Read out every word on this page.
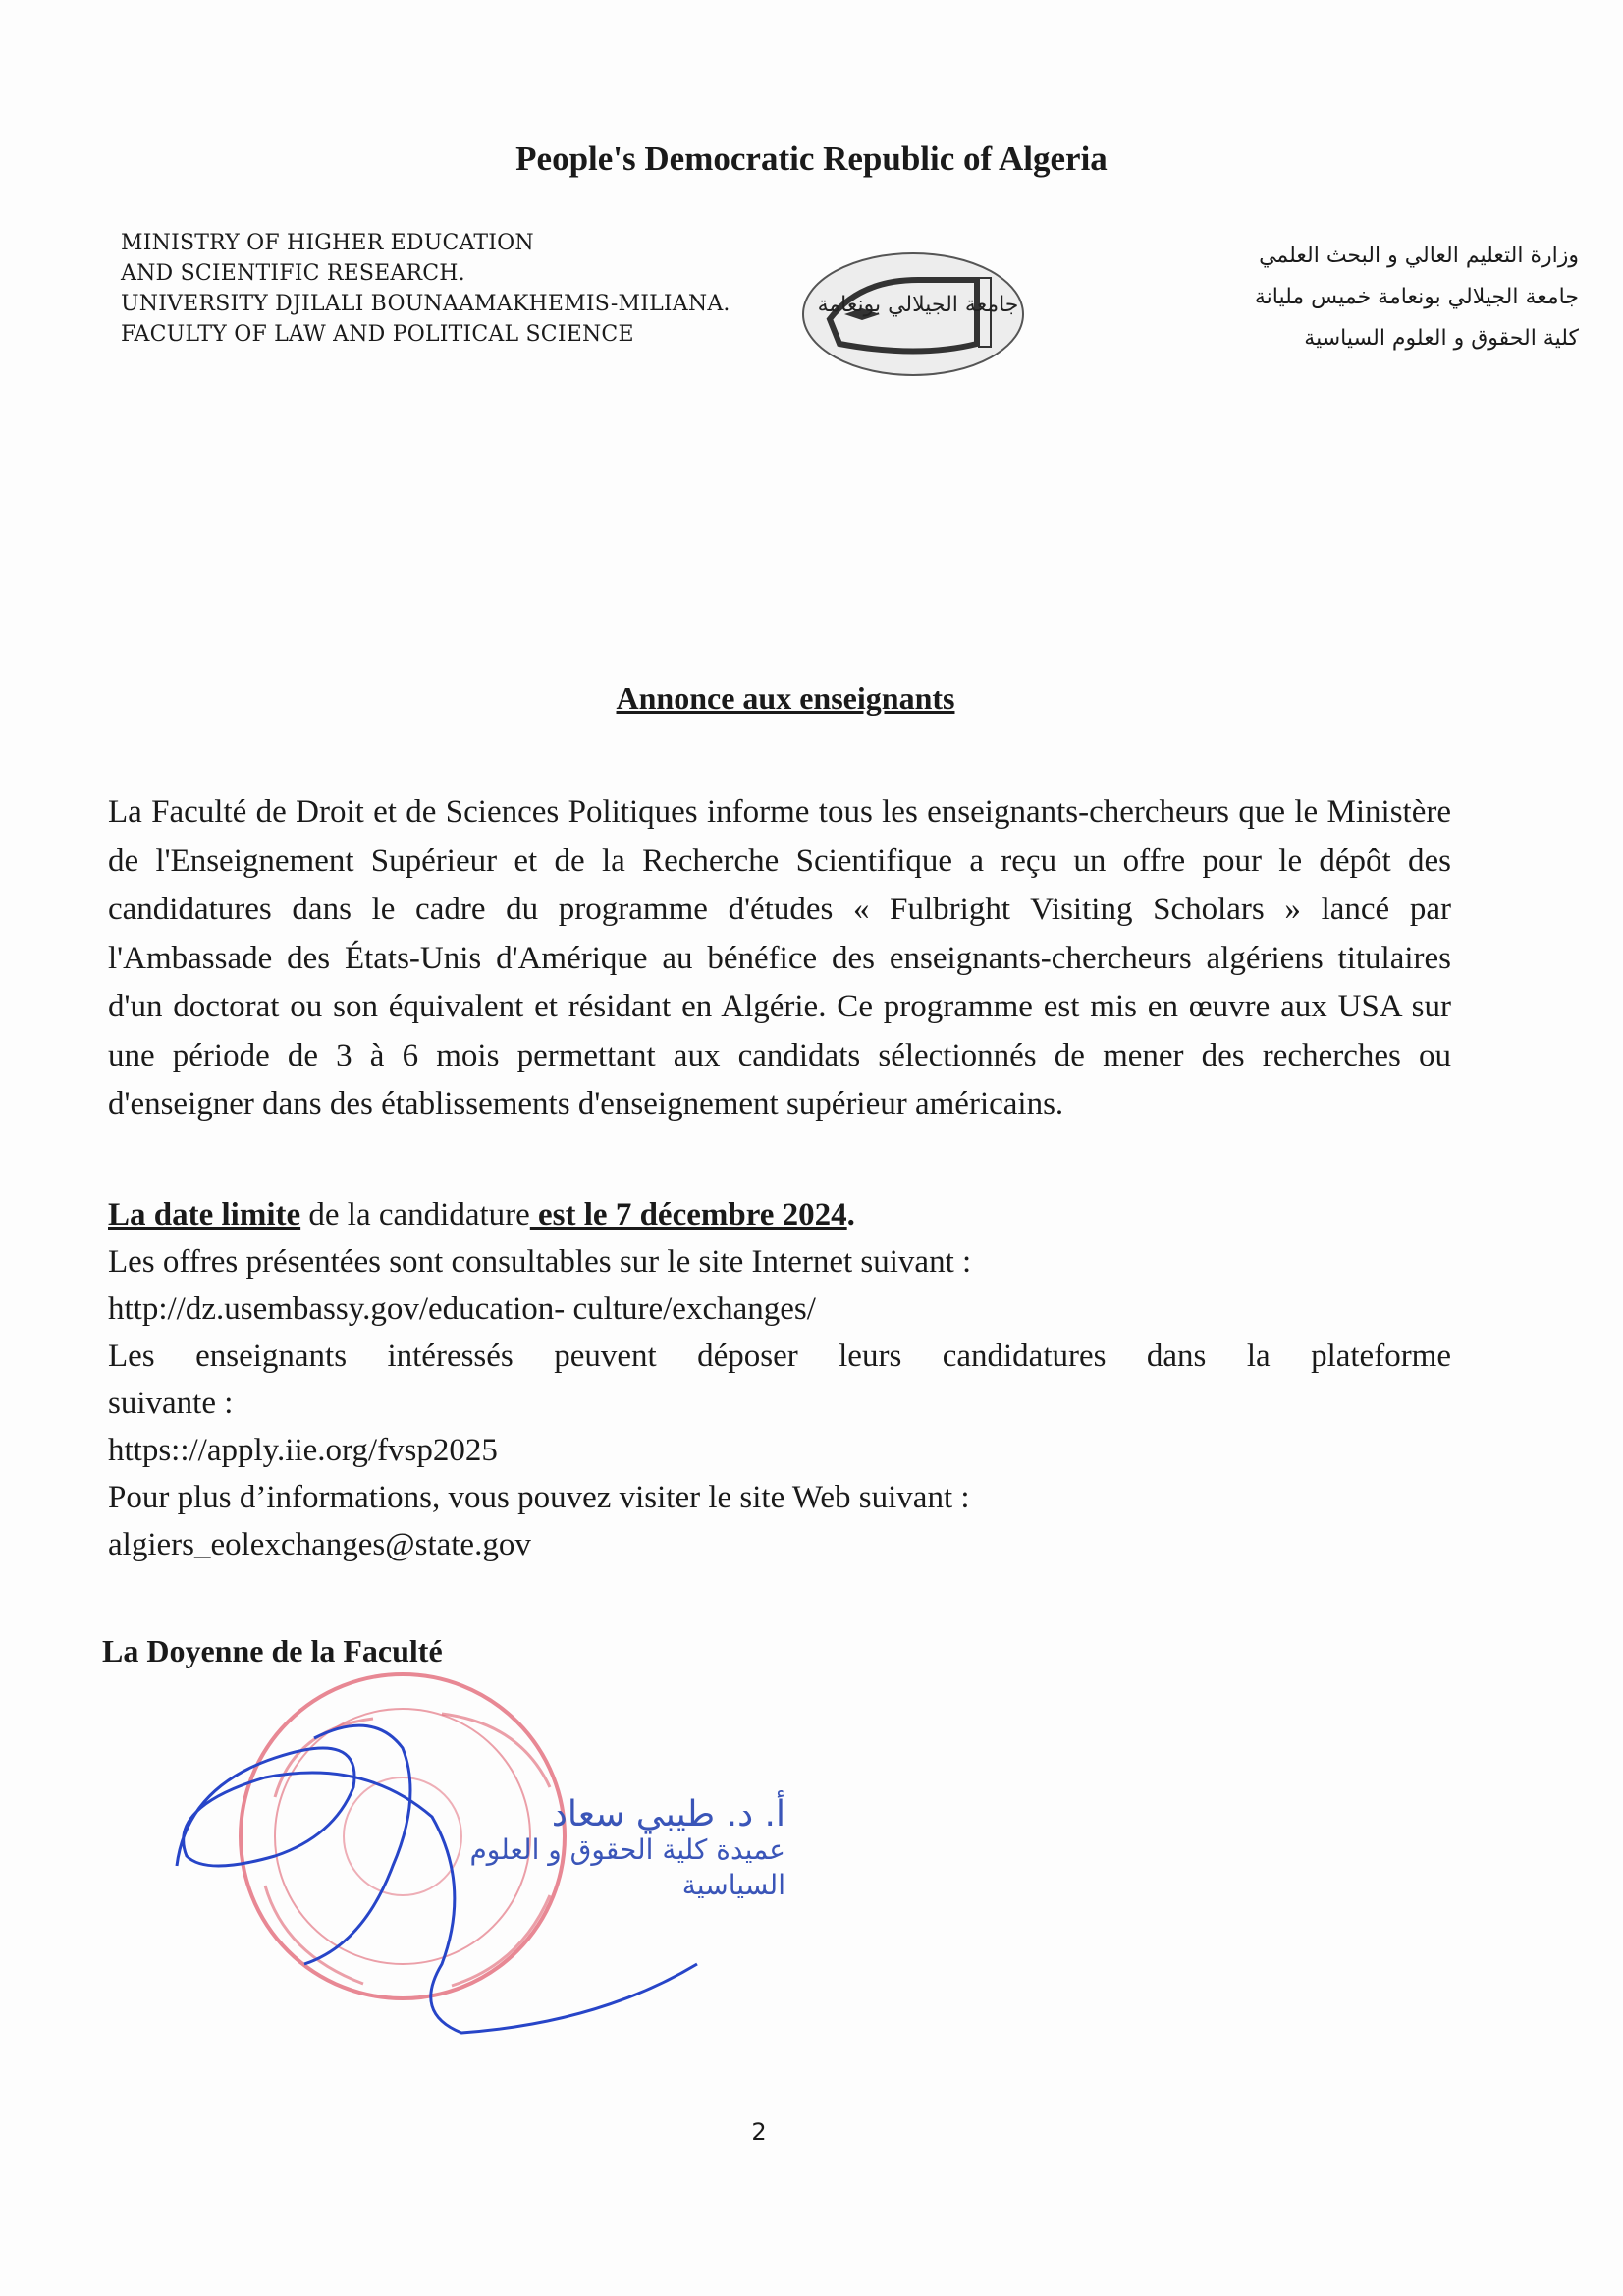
People's Democratic Republic of Algeria
MINISTRY OF HIGHER EDUCATION
AND SCIENTIFIC RESEARCH.
UNIVERSITY DJILALI BOUNAAMAKHEMIS-MILIANA.
FACULTY OF LAW AND POLITICAL SCIENCE
جامعة الجيلالي بونعامة
وزارة التعليم العالي و البحث العلمي
جامعة الجيلالي بونعامة خميس مليانة
كلية الحقوق و العلوم السياسية
Annonce aux enseignants

La Faculté de Droit et de Sciences Politiques informe tous les enseignants-chercheurs que le Ministère de l'Enseignement Supérieur et de la Recherche Scientifique a reçu un offre pour le dépôt des candidatures dans le cadre du programme d'études « Fulbright Visiting Scholars » lancé par l'Ambassade des États-Unis d'Amérique au bénéfice des enseignants-chercheurs algériens titulaires d'un doctorat ou son équivalent et résidant en Algérie. Ce programme est mis en œuvre aux USA sur une période de 3 à 6 mois permettant aux candidats sélectionnés de mener des recherches ou d'enseigner dans des établissements d'enseignement supérieur américains.

La date limite de la candidature est le 7 décembre 2024.
Les offres présentées sont consultables sur le site Internet suivant :
http://dz.usembassy.gov/education- culture/exchanges/
Les enseignants intéressés peuvent déposer leurs candidatures dans la plateforme
suivante :
https:://apply.iie.org/fvsp2025
Pour plus d’informations, vous pouvez visiter le site Web suivant :
algiers_eolexchanges@state.gov
La Doyenne de la Faculté
أ. د. طيبي سعاد
عميدة كلية الحقوق و العلوم
السياسية
2
